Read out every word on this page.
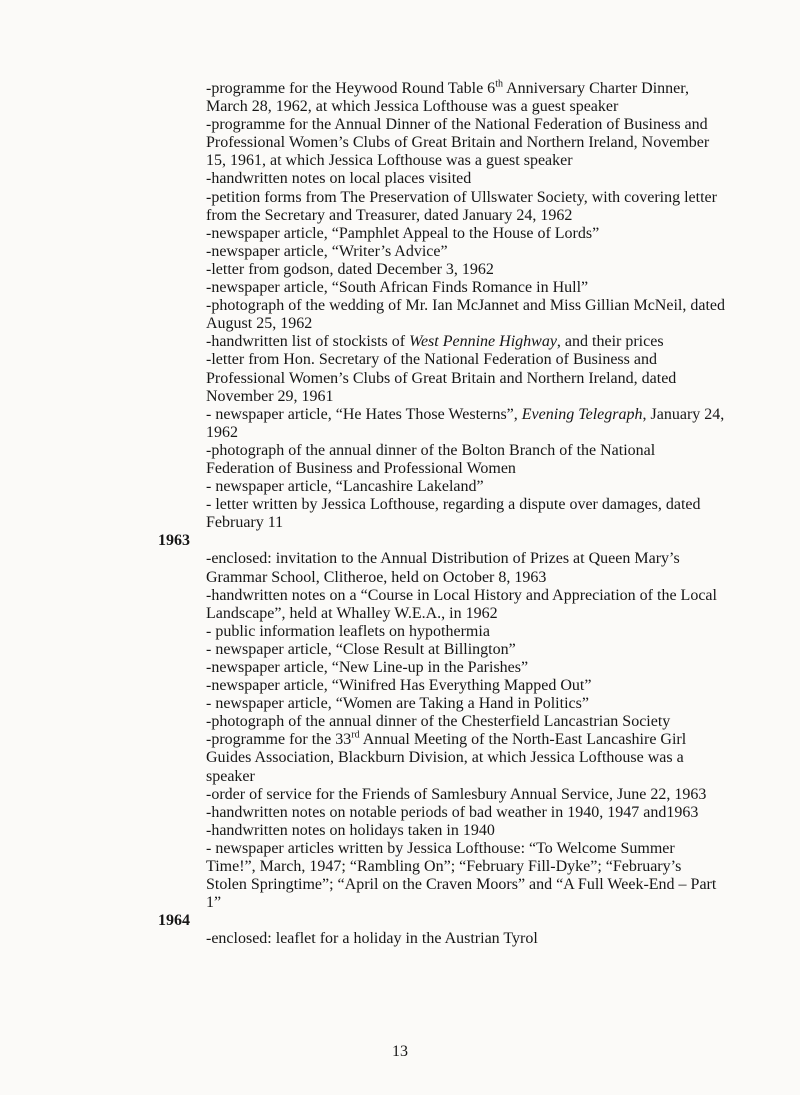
-programme for the Heywood Round Table 6th Anniversary Charter Dinner, March 28, 1962, at which Jessica Lofthouse was a guest speaker

-programme for the Annual Dinner of the National Federation of Business and Professional Women’s Clubs of Great Britain and Northern Ireland, November 15, 1961, at which Jessica Lofthouse was a guest speaker

-handwritten notes on local places visited

-petition forms from The Preservation of Ullswater Society, with covering letter from the Secretary and Treasurer, dated January 24, 1962

-newspaper article, “Pamphlet Appeal to the House of Lords”

-newspaper article, “Writer’s Advice”

-letter from godson, dated December 3, 1962

-newspaper article, “South African Finds Romance in Hull”

-photograph of the wedding of Mr. Ian McJannet and Miss Gillian McNeil, dated August 25, 1962

-handwritten list of stockists of West Pennine Highway, and their prices

-letter from Hon. Secretary of the National Federation of Business and Professional Women’s Clubs of Great Britain and Northern Ireland, dated November 29, 1961

- newspaper article, “He Hates Those Westerns”, Evening Telegraph, January 24, 1962

-photograph of the annual dinner of the Bolton Branch of the National Federation of Business and Professional Women

- newspaper article, “Lancashire Lakeland”

- letter written by Jessica Lofthouse, regarding a dispute over damages, dated February 11

-enclosed: invitation to the Annual Distribution of Prizes at Queen Mary’s Grammar School, Clitheroe, held on October 8, 1963

-handwritten notes on a “Course in Local History and Appreciation of the Local Landscape”, held at Whalley W.E.A., in 1962

- public information leaflets on hypothermia

- newspaper article, “Close Result at Billington”

-newspaper article, “New Line-up in the Parishes”

-newspaper article, “Winifred Has Everything Mapped Out”

- newspaper article, “Women are Taking a Hand in Politics”

-photograph of the annual dinner of the Chesterfield Lancastrian Society

-programme for the 33rd Annual Meeting of the North-East Lancashire Girl Guides Association, Blackburn Division, at which Jessica Lofthouse was a speaker

-order of service for the Friends of Samlesbury Annual Service, June 22, 1963

-handwritten notes on notable periods of bad weather in 1940, 1947 and1963

-handwritten notes on holidays taken in 1940

- newspaper articles written by Jessica Lofthouse: “To Welcome Summer Time!”, March, 1947; “Rambling On”; “February Fill-Dyke”; “February’s Stolen Springtime”; “April on the Craven Moors” and “A Full Week-End – Part 1”

-enclosed: leaflet for a holiday in the Austrian Tyrol

1963
1964
13
